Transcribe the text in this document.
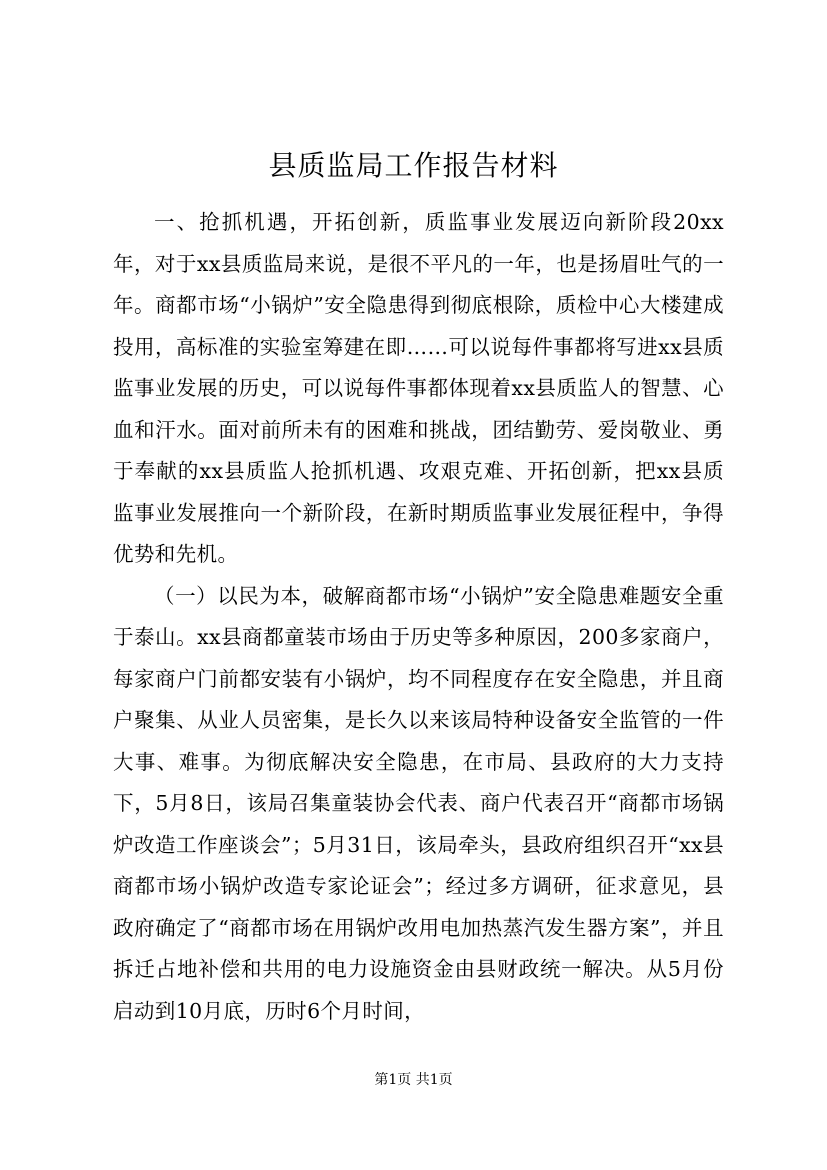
县质监局工作报告材料

一、抢抓机遇，开拓创新，质监事业发展迈向新阶段20xx年，对于xx县质监局来说，是很不平凡的一年，也是扬眉吐气的一年。商都市场“小锅炉”安全隐患得到彻底根除，质检中心大楼建成投用，高标准的实验室筹建在即……可以说每件事都将写进xx县质监事业发展的历史，可以说每件事都体现着xx县质监人的智慧、心血和汗水。面对前所未有的困难和挑战，团结勤劳、爱岗敬业、勇于奉献的xx县质监人抢抓机遇、攻艰克难、开拓创新，把xx县质监事业发展推向一个新阶段，在新时期质监事业发展征程中，争得优势和先机。

（一）以民为本，破解商都市场“小锅炉”安全隐患难题安全重于泰山。xx县商都童装市场由于历史等多种原因，200多家商户，每家商户门前都安装有小锅炉，均不同程度存在安全隐患，并且商户聚集、从业人员密集，是长久以来该局特种设备安全监管的一件大事、难事。为彻底解决安全隐患，在市局、县政府的大力支持下，5月8日，该局召集童装协会代表、商户代表召开“商都市场锅炉改造工作座谈会”；5月31日，该局牵头，县政府组织召开“xx县商都市场小锅炉改造专家论证会”；经过多方调研，征求意见，县政府确定了“商都市场在用锅炉改用电加热蒸汽发生器方案”，并且拆迁占地补偿和共用的电力设施资金由县财政统一解决。从5月份启动到10月底，历时6个月时间，

第1页 共1页
